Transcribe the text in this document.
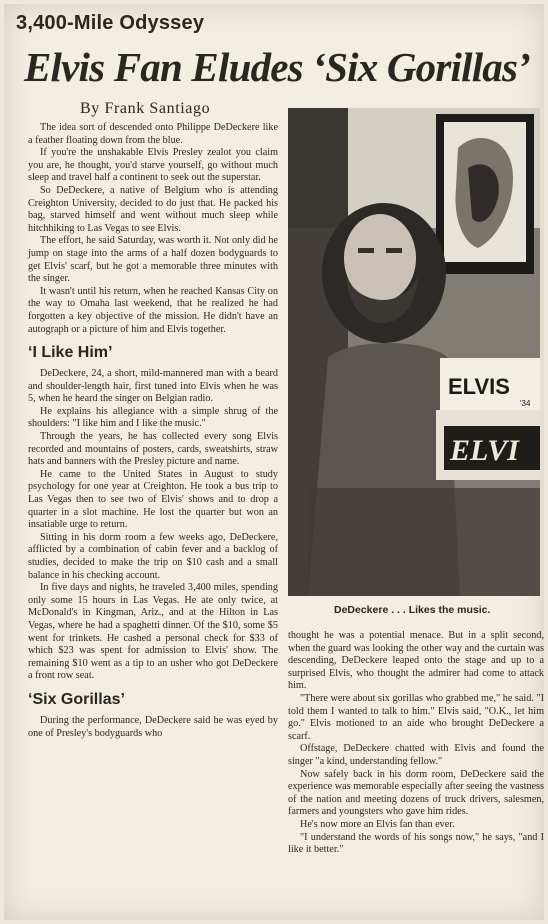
3,400-Mile Odyssey
Elvis Fan Eludes ‘Six Gorillas’
By Frank Santiago

The idea sort of descended onto Philippe DeDeckere like a feather floating down from the blue.

If you're the unshakable Elvis Presley zealot you claim you are, he thought, you'd starve yourself, go without much sleep and travel half a continent to seek out the superstar.

So DeDeckere, a native of Belgium who is attending Creighton University, decided to do just that. He packed his bag, starved himself and went without much sleep while hitchhiking to Las Vegas to see Elvis.

The effort, he said Saturday, was worth it. Not only did he jump on stage into the arms of a half dozen bodyguards to get Elvis' scarf, but he got a memorable three minutes with the singer.

It wasn't until his return, when he reached Kansas City on the way to Omaha last weekend, that he realized he had forgotten a key objective of the mission. He didn't have an autograph or a picture of him and Elvis together.

‘I Like Him’

DeDeckere, 24, a short, mild-mannered man with a beard and shoulder-length hair, first tuned into Elvis when he was 5, when he heard the singer on Belgian radio.

He explains his allegiance with a simple shrug of the shoulders: "I like him and I like the music."

Through the years, he has collected every song Elvis recorded and mountains of posters, cards, sweatshirts, straw hats and banners with the Presley picture and name.

He came to the United States in August to study psychology for one year at Creighton. He took a bus trip to Las Vegas then to see two of Elvis' shows and to drop a quarter in a slot machine. He lost the quarter but won an insatiable urge to return.

Sitting in his dorm room a few weeks ago, DeDeckere, afflicted by a combination of cabin fever and a backlog of studies, decided to make the trip on $10 cash and a small balance in his checking account.

In five days and nights, he traveled 3,400 miles, spending only some 15 hours in Las Vegas. He ate only twice, at McDonald's in Kingman, Ariz., and at the Hilton in Las Vegas, where he had a spaghetti dinner. Of the $10, some $5 went for trinkets. He cashed a personal check for $33 of which $23 was spent for admission to Elvis' show. The remaining $10 went as a tip to an usher who got DeDeckere a front row seat.

‘Six Gorillas’

During the performance, DeDeckere said he was eyed by one of Presley's bodyguards who

ELVIS
'34
ELVI
DeDeckere . . . Likes the music.

thought he was a potential menace. But in a split second, when the guard was looking the other way and the curtain was descending, DeDeckere leaped onto the stage and up to a surprised Elvis, who thought the admirer had come to attack him.

"There were about six gorillas who grabbed me," he said. "I told them I wanted to talk to him." Elvis said, "O.K., let him go." Elvis motioned to an aide who brought DeDeckere a scarf.

Offstage, DeDeckere chatted with Elvis and found the singer "a kind, understanding fellow."

Now safely back in his dorm room, DeDeckere said the experience was memorable especially after seeing the vastness of the nation and meeting dozens of truck drivers, salesmen, farmers and youngsters who gave him rides.

He's now more an Elvis fan than ever.

"I understand the words of his songs now," he says, "and I like it better."
